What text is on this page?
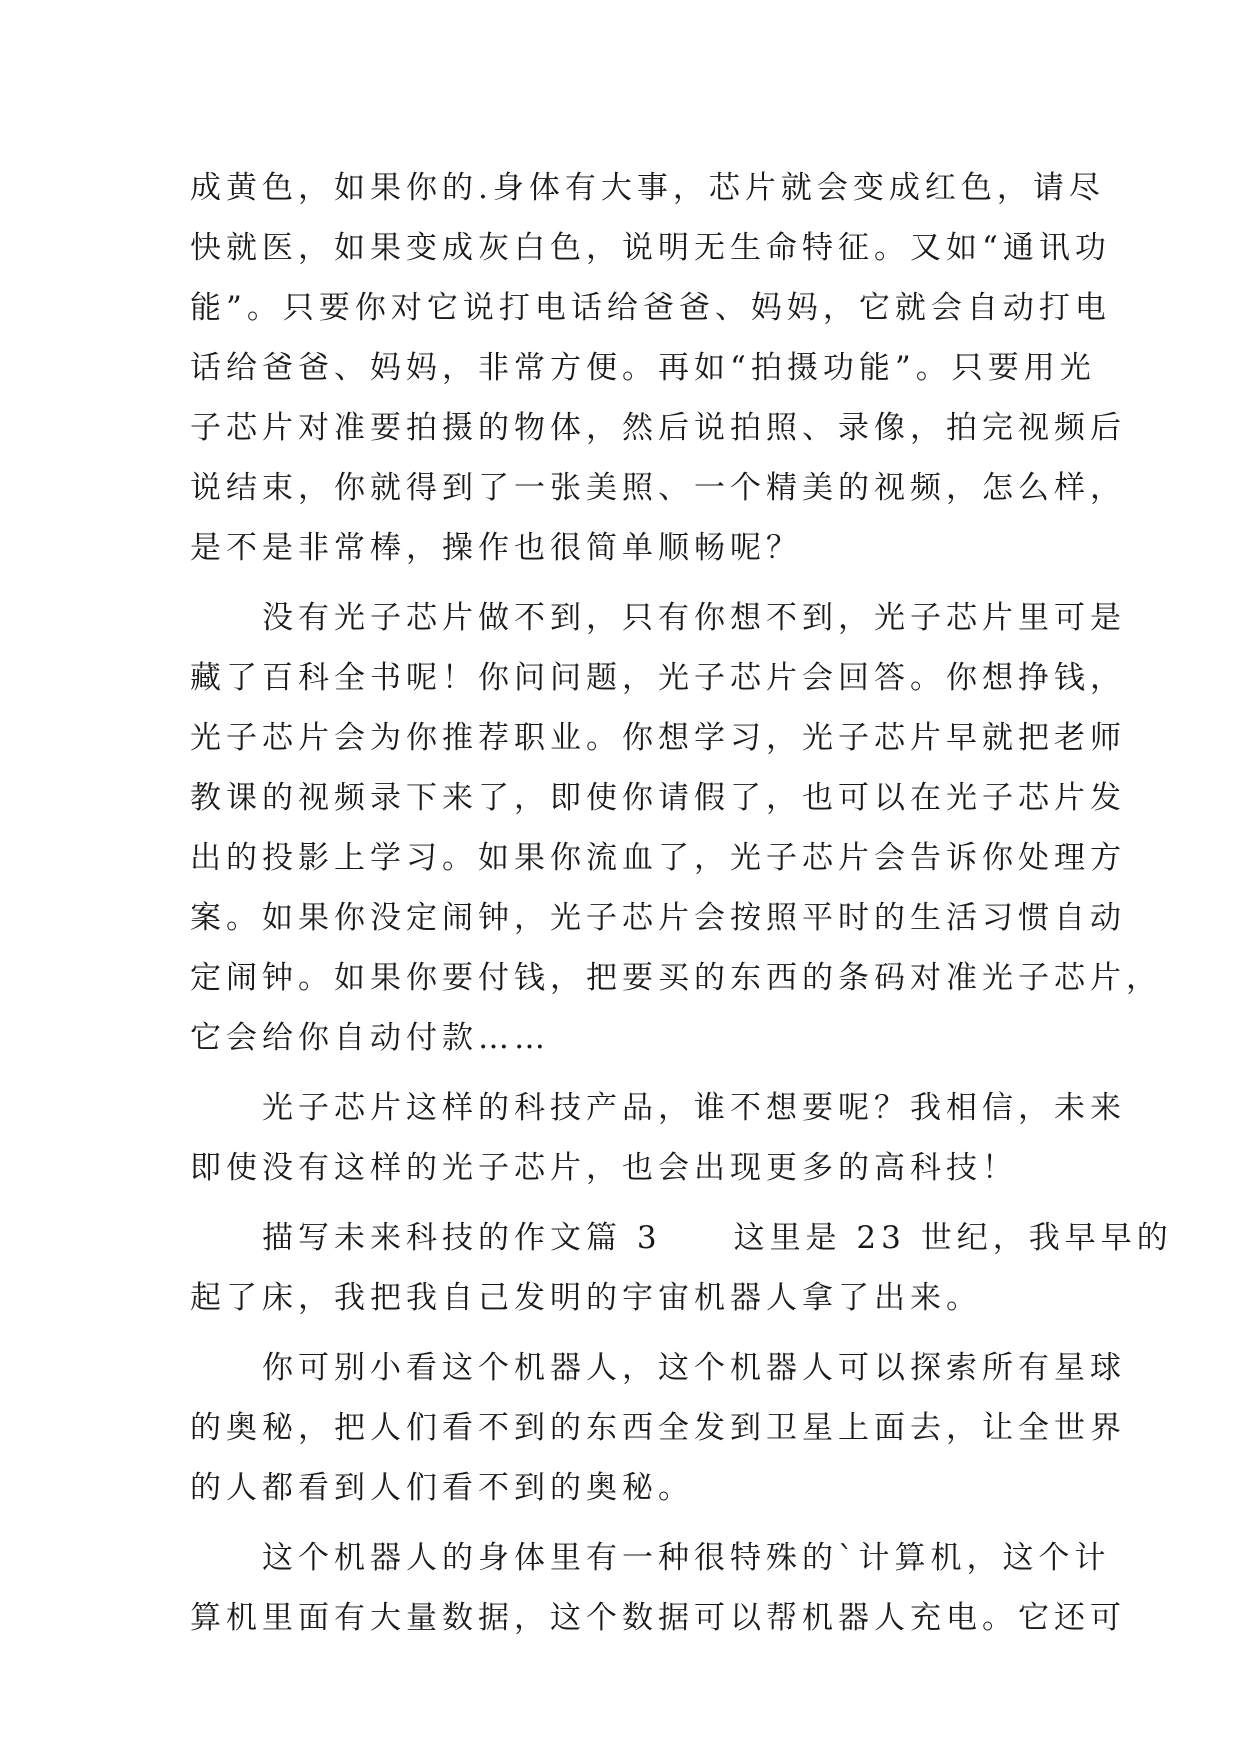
成黄色，如果你的.身体有大事，芯片就会变成红色，请尽
快就医，如果变成灰白色，说明无生命特征。又如“通讯功
能”。只要你对它说打电话给爸爸、妈妈，它就会自动打电
话给爸爸、妈妈，非常方便。再如“拍摄功能”。只要用光
子芯片对准要拍摄的物体，然后说拍照、录像，拍完视频后
说结束，你就得到了一张美照、一个精美的视频，怎么样，
是不是非常棒，操作也很简单顺畅呢？
　　没有光子芯片做不到，只有你想不到，光子芯片里可是
藏了百科全书呢！你问问题，光子芯片会回答。你想挣钱，
光子芯片会为你推荐职业。你想学习，光子芯片早就把老师
教课的视频录下来了，即使你请假了，也可以在光子芯片发
出的投影上学习。如果你流血了，光子芯片会告诉你处理方
案。如果你没定闹钟，光子芯片会按照平时的生活习惯自动
定闹钟。如果你要付钱，把要买的东西的条码对准光子芯片，
它会给你自动付款……
　　光子芯片这样的科技产品，谁不想要呢？我相信，未来
即使没有这样的光子芯片，也会出现更多的高科技！
　　描写未来科技的作文篇 3　　这里是 23 世纪，我早早的
起了床，我把我自己发明的宇宙机器人拿了出来。
　　你可别小看这个机器人，这个机器人可以探索所有星球
的奥秘，把人们看不到的东西全发到卫星上面去，让全世界
的人都看到人们看不到的奥秘。
　　这个机器人的身体里有一种很特殊的`计算机，这个计
算机里面有大量数据，这个数据可以帮机器人充电。它还可
